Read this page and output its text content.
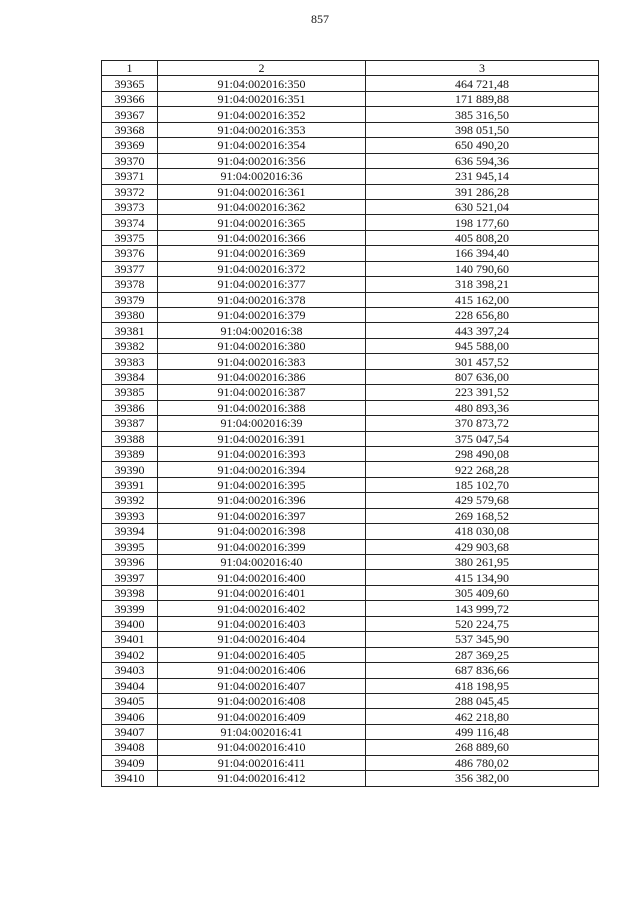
857
1	2	3
39365	91:04:002016:350	464 721,48
39366	91:04:002016:351	171 889,88
39367	91:04:002016:352	385 316,50
39368	91:04:002016:353	398 051,50
39369	91:04:002016:354	650 490,20
39370	91:04:002016:356	636 594,36
39371	91:04:002016:36	231 945,14
39372	91:04:002016:361	391 286,28
39373	91:04:002016:362	630 521,04
39374	91:04:002016:365	198 177,60
39375	91:04:002016:366	405 808,20
39376	91:04:002016:369	166 394,40
39377	91:04:002016:372	140 790,60
39378	91:04:002016:377	318 398,21
39379	91:04:002016:378	415 162,00
39380	91:04:002016:379	228 656,80
39381	91:04:002016:38	443 397,24
39382	91:04:002016:380	945 588,00
39383	91:04:002016:383	301 457,52
39384	91:04:002016:386	807 636,00
39385	91:04:002016:387	223 391,52
39386	91:04:002016:388	480 893,36
39387	91:04:002016:39	370 873,72
39388	91:04:002016:391	375 047,54
39389	91:04:002016:393	298 490,08
39390	91:04:002016:394	922 268,28
39391	91:04:002016:395	185 102,70
39392	91:04:002016:396	429 579,68
39393	91:04:002016:397	269 168,52
39394	91:04:002016:398	418 030,08
39395	91:04:002016:399	429 903,68
39396	91:04:002016:40	380 261,95
39397	91:04:002016:400	415 134,90
39398	91:04:002016:401	305 409,60
39399	91:04:002016:402	143 999,72
39400	91:04:002016:403	520 224,75
39401	91:04:002016:404	537 345,90
39402	91:04:002016:405	287 369,25
39403	91:04:002016:406	687 836,66
39404	91:04:002016:407	418 198,95
39405	91:04:002016:408	288 045,45
39406	91:04:002016:409	462 218,80
39407	91:04:002016:41	499 116,48
39408	91:04:002016:410	268 889,60
39409	91:04:002016:411	486 780,02
39410	91:04:002016:412	356 382,00
